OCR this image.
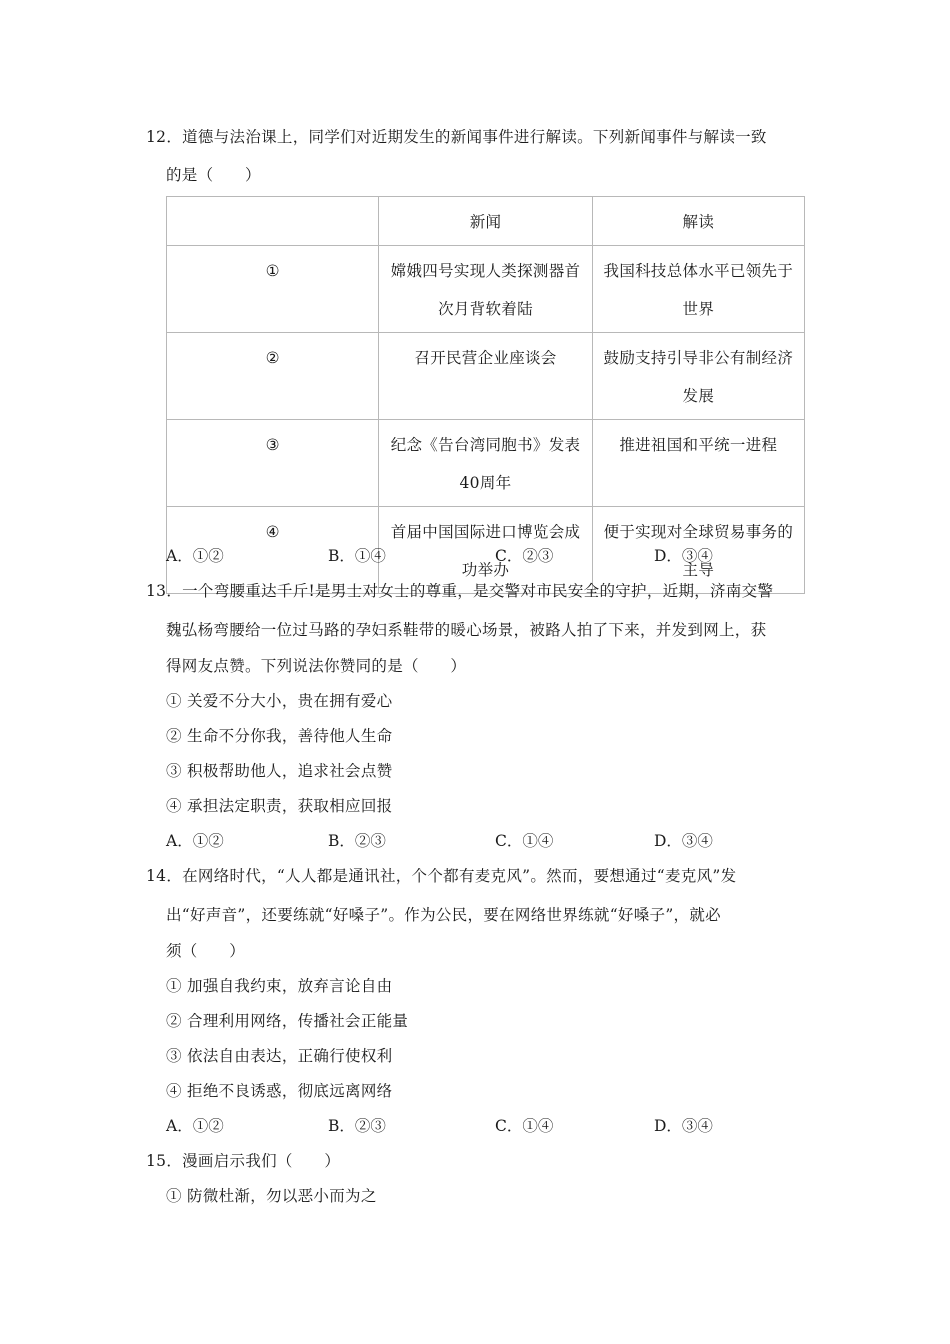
12．道德与法治课上，同学们对近期发生的新闻事件进行解读。下列新闻事件与解读一致
的是（　　）
	新闻	解读
①	嫦娥四号实现人类探测器首次月背软着陆	我国科技总体水平已领先于世界
②	召开民营企业座谈会	鼓励支持引导非公有制经济发展
③	纪念《告台湾同胞书》发表40周年	推进祖国和平统一进程
④	首届中国国际进口博览会成功举办	便于实现对全球贸易事务的主导
A．①②	B．①④	C．②③	D．③④
13．一个弯腰重达千斤!是男士对女士的尊重，是交警对市民安全的守护，近期，济南交警
魏弘杨弯腰给一位过马路的孕妇系鞋带的暖心场景，被路人拍了下来，并发到网上，获
得网友点赞。下列说法你赞同的是（　　）
① 关爱不分大小，贵在拥有爱心
② 生命不分你我，善待他人生命
③ 积极帮助他人，追求社会点赞
④ 承担法定职责，获取相应回报
A．①②	B．②③	C．①④	D．③④
14．在网络时代，“人人都是通讯社，个个都有麦克风”。然而，要想通过“麦克风”发
出“好声音”，还要练就“好嗓子”。作为公民，要在网络世界练就“好嗓子”，就必
须（　　）
① 加强自我约束，放弃言论自由
② 合理利用网络，传播社会正能量
③ 依法自由表达，正确行使权利
④ 拒绝不良诱惑，彻底远离网络
A．①②	B．②③	C．①④	D．③④
15．漫画启示我们（　　）
① 防微杜渐，勿以恶小而为之
